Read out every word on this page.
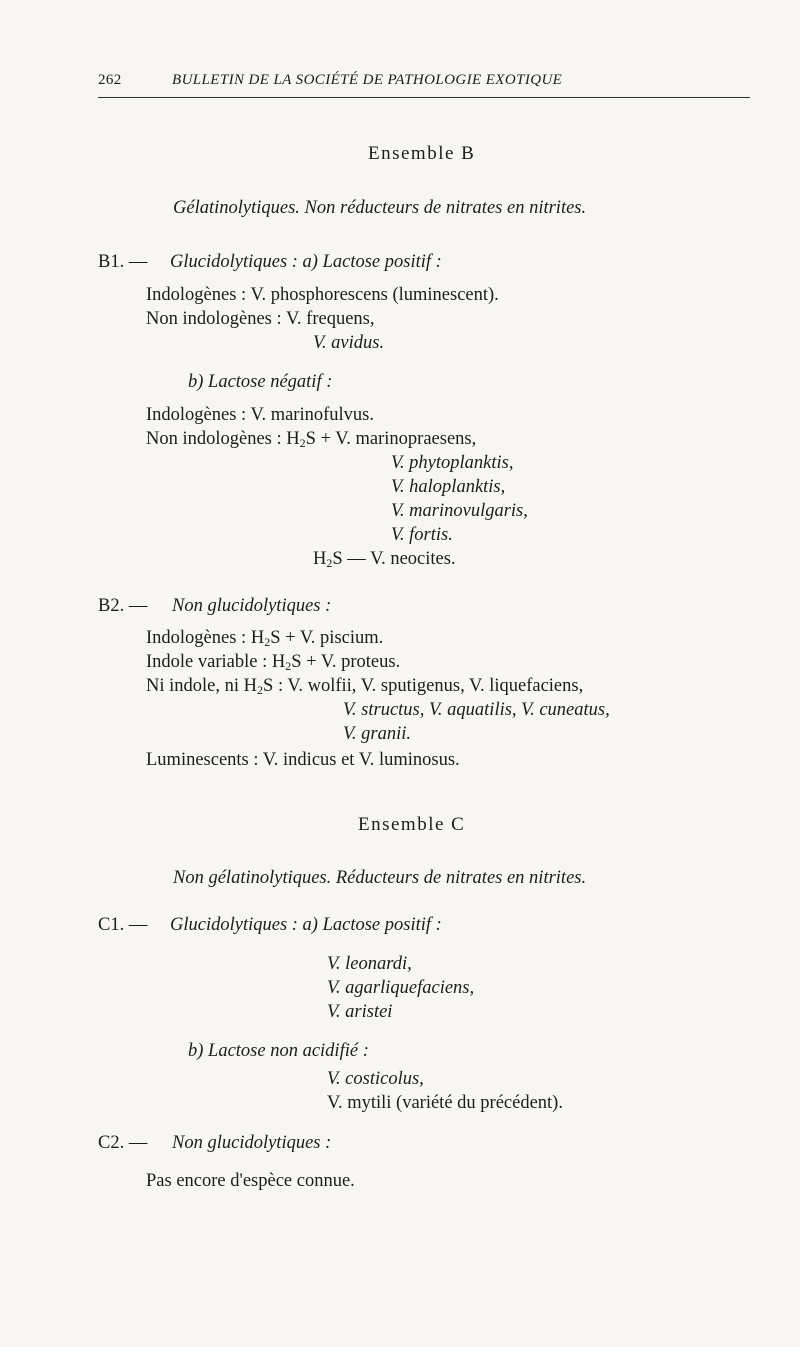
262	BULLETIN DE LA SOCIÉTÉ DE PATHOLOGIE EXOTIQUE
Ensemble B
Gélatinolytiques. Non réducteurs de nitrates en nitrites.
B1. — Glucidolytiques : a) Lactose positif :
Indologènes : V. phosphorescens (luminescent).
Non indologènes : V. frequens,
V. avidus.
b) Lactose négatif :
Indologènes : V. marinofulvus.
Non indologènes : $H_2S + V$. marinopraesens,
V. phytoplanktis,
V. haloplanktis,
V. marinovulgaris,
V. fortis.
$H_2S$ — V. neocites.
B2. — Non glucidolytiques :
Indologènes : $H_2S + V$. piscium.
Indole variable : $H_2S + V$. proteus.
Ni indole, ni $H_2S$ : V. wolfii, V. sputigenus, V. liquefaciens,
V. structus, V. aquatilis, V. cuneatus,
V. granii.
Luminescents : V. indicus et V. luminosus.
Ensemble C
Non gélatinolytiques. Réducteurs de nitrates en nitrites.
C1. — Glucidolytiques : a) Lactose positif :
V. leonardi,
V. agarliquefaciens,
V. aristei
b) Lactose non acidifié :
V. costicolus,
V. mytili (variété du précédent).
C2. — Non glucidolytiques :
Pas encore d'espèce connue.
